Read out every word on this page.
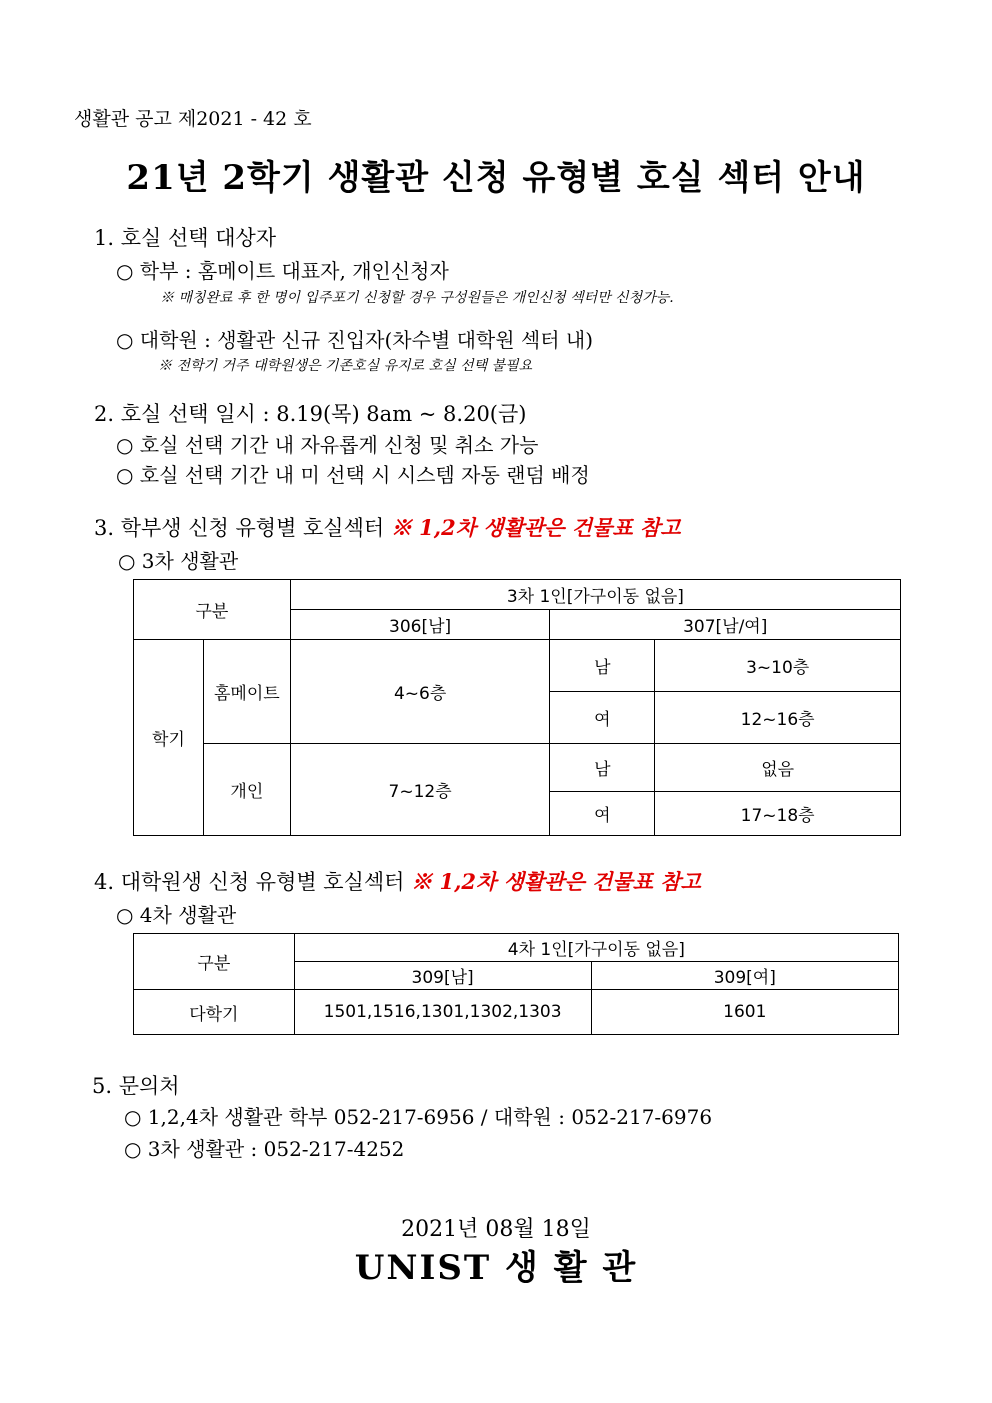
생활관 공고 제2021 - 42 호
21년 2학기 생활관 신청 유형별 호실 섹터 안내
1. 호실 선택 대상자
○ 학부 : 홈메이트 대표자, 개인신청자
※ 매칭완료 후 한 명이 입주포기 신청할 경우 구성원들은 개인신청 섹터만 신청가능.
○ 대학원 : 생활관 신규 진입자(차수별 대학원 섹터 내)
※ 전학기 거주 대학원생은 기존호실 유지로 호실 선택 불필요
2. 호실 선택 일시 : 8.19(목) 8am ~ 8.20(금)
○ 호실 선택 기간 내 자유롭게 신청 및 취소 가능
○ 호실 선택 기간 내 미 선택 시 시스템 자동 랜덤 배정
3. 학부생 신청 유형별 호실섹터 ※ 1,2차 생활관은 건물표 참고
○ 3차 생활관
구분		3차 1인[가구이동 없음]		
		306[남]	307[남/여]	
학기	홈메이트	4~6층	남	3~10층
			여	12~16층
	개인	7~12층	남	없음
			여	17~18층
4. 대학원생 신청 유형별 호실섹터 ※ 1,2차 생활관은 건물표 참고
○ 4차 생활관
구분	4차 1인[가구이동 없음]	
	309[남]	309[여]
다학기	1501,1516,1301,1302,1303	1601
5. 문의처
○ 1,2,4차 생활관 학부 052-217-6956 / 대학원 : 052-217-6976
○ 3차 생활관 : 052-217-4252
2021년 08월 18일
UNIST 생 활 관
